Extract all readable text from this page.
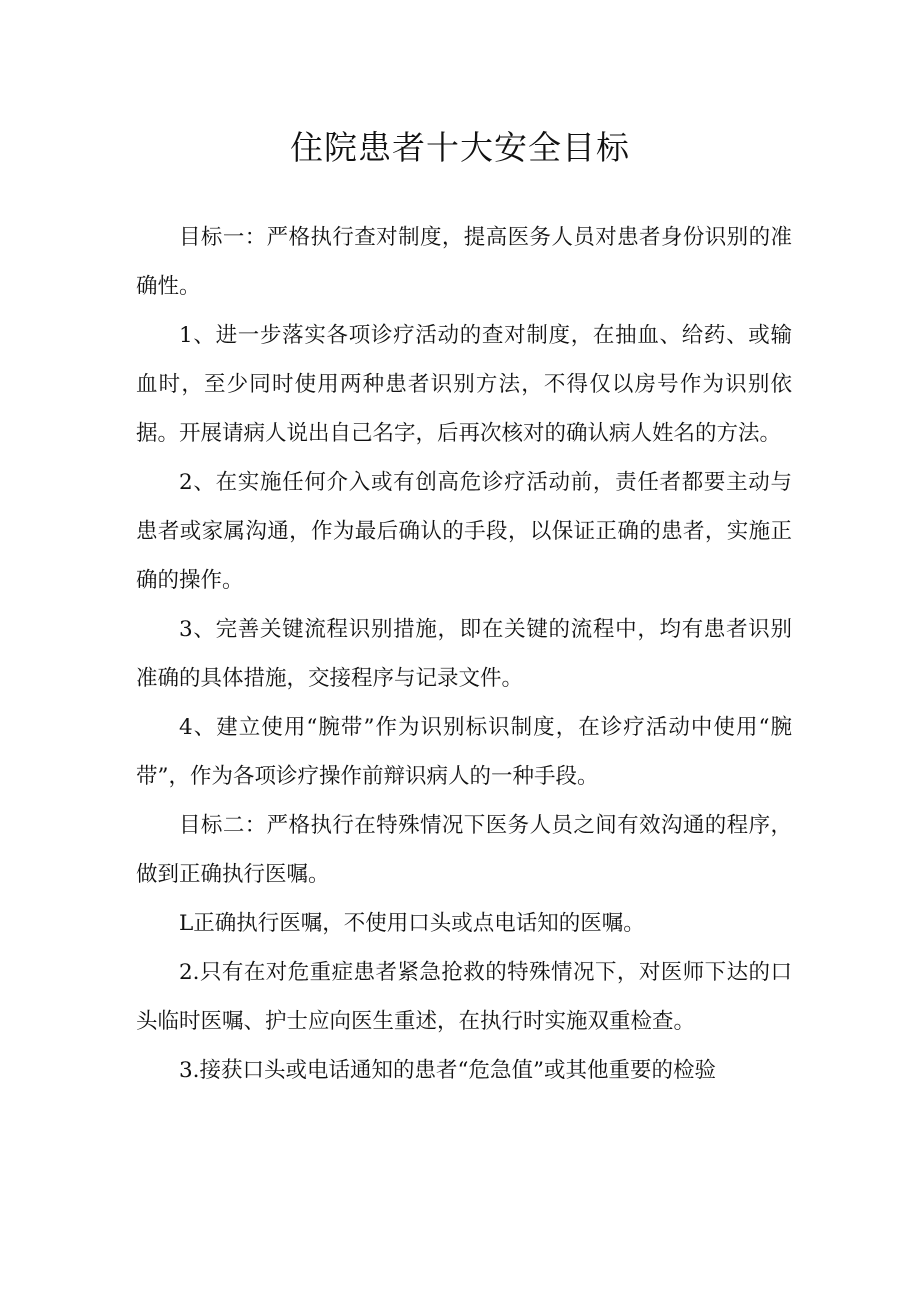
住院患者十大安全目标

目标一：严格执行查对制度，提高医务人员对患者身份识别的准确性。

1、进一步落实各项诊疗活动的查对制度，在抽血、给药、或输血时，至少同时使用两种患者识别方法，不得仅以房号作为识别依据。开展请病人说出自己名字，后再次核对的确认病人姓名的方法。

2、在实施任何介入或有创高危诊疗活动前，责任者都要主动与患者或家属沟通，作为最后确认的手段，以保证正确的患者，实施正确的操作。

3、完善关键流程识别措施，即在关键的流程中，均有患者识别准确的具体措施，交接程序与记录文件。

4、建立使用“腕带”作为识别标识制度，在诊疗活动中使用“腕带”，作为各项诊疗操作前辩识病人的一种手段。

目标二：严格执行在特殊情况下医务人员之间有效沟通的程序，做到正确执行医嘱。

L正确执行医嘱，不使用口头或点电话知的医嘱。

2.只有在对危重症患者紧急抢救的特殊情况下，对医师下达的口头临时医嘱、护士应向医生重述，在执行时实施双重检查。

3.接获口头或电话通知的患者“危急值”或其他重要的检验
